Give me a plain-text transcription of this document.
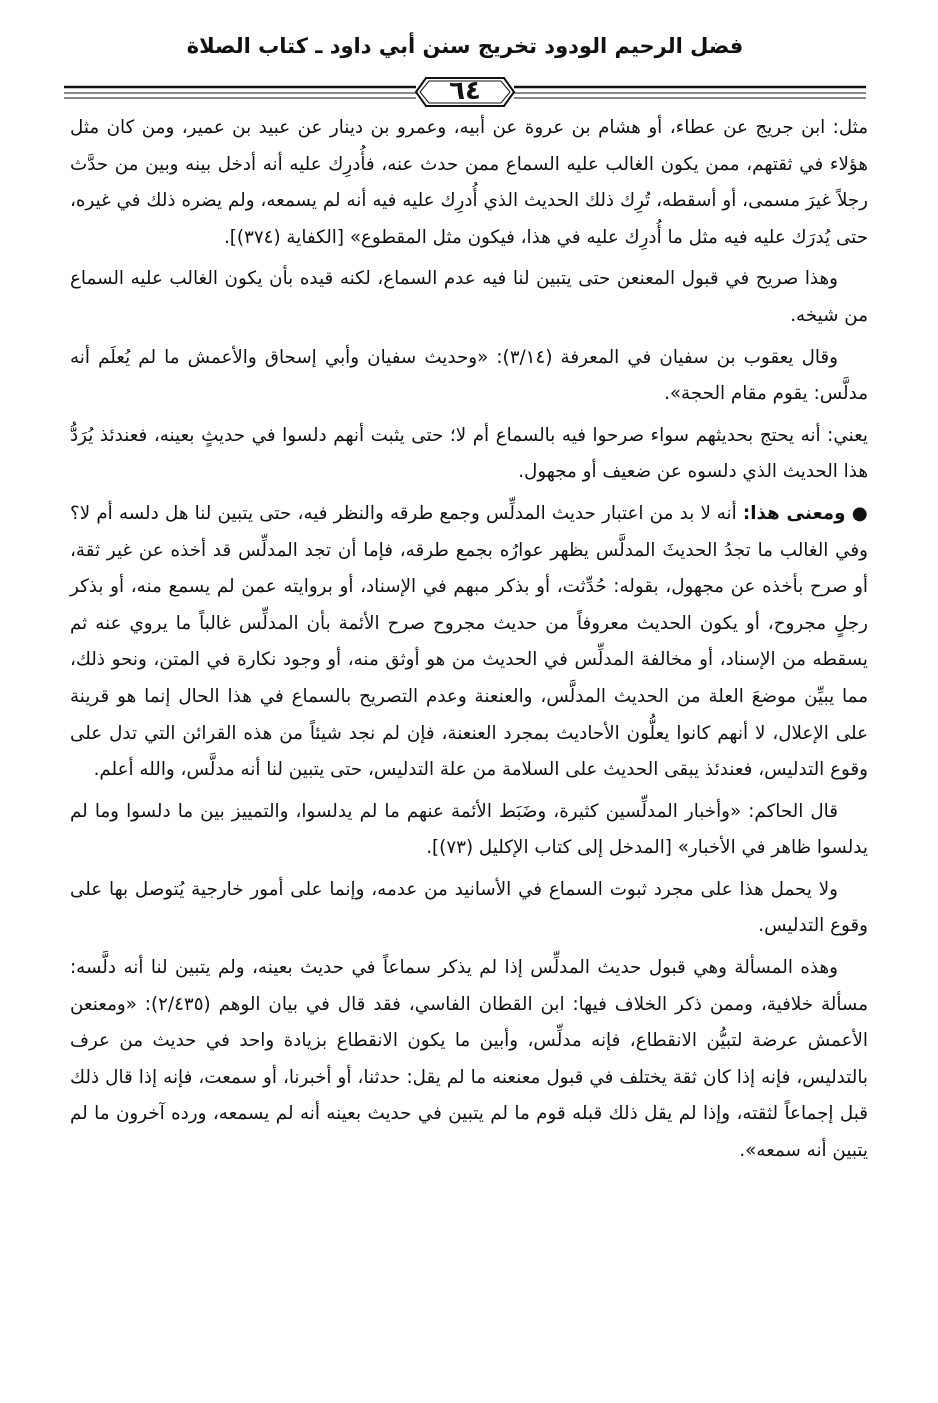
فضل الرحيم الودود تخريج سنن أبي داود ـ كتاب الصلاة
٦٤

مثل: ابن جريج عن عطاء، أو هشام بن عروة عن أبيه، وعمرو بن دينار عن عبيد بن عمير، ومن كان مثل هؤلاء في ثقتهم، ممن يكون الغالب عليه السماع ممن حدث عنه، فأُدرِك عليه أنه أدخل بينه وبين من حدَّث رجلاً غيرَ مسمى، أو أسقطه، تُرِك ذلك الحديث الذي أُدرِك عليه فيه أنه لم يسمعه، ولم يضره ذلك في غيره، حتى يُدرَك عليه فيه مثل ما أُدرِك عليه في هذا، فيكون مثل المقطوع» [الكفاية (٣٧٤)].

وهذا صريح في قبول المعنعن حتى يتبين لنا فيه عدم السماع، لكنه قيده بأن يكون الغالب عليه السماع من شيخه.

وقال يعقوب بن سفيان في المعرفة (٣/١٤): «وحديث سفيان وأبي إسحاق والأعمش ما لم يُعلَم أنه مدلَّس: يقوم مقام الحجة».

يعني: أنه يحتج بحديثهم سواء صرحوا فيه بالسماع أم لا؛ حتى يثبت أنهم دلسوا في حديثٍ بعينه، فعندئذ يُرَدُّ هذا الحديث الذي دلسوه عن ضعيف أو مجهول.

● ومعنى هذا: أنه لا بد من اعتبار حديث المدلِّس وجمع طرقه والنظر فيه، حتى يتبين لنا هل دلسه أم لا؟ وفي الغالب ما تجدُ الحديثَ المدلَّس يظهر عوارُه بجمع طرقه، فإما أن تجد المدلِّس قد أخذه عن غير ثقة، أو صرح بأخذه عن مجهول، بقوله: حُدِّثت، أو بذكر مبهم في الإسناد، أو بروايته عمن لم يسمع منه، أو بذكر رجلٍ مجروح، أو يكون الحديث معروفاً من حديث مجروح صرح الأئمة بأن المدلِّس غالباً ما يروي عنه ثم يسقطه من الإسناد، أو مخالفة المدلِّس في الحديث من هو أوثق منه، أو وجود نكارة في المتن، ونحو ذلك، مما يبيِّن موضعَ العلة من الحديث المدلَّس، والعنعنة وعدم التصريح بالسماع في هذا الحال إنما هو قرينة على الإعلال، لا أنهم كانوا يعلُّون الأحاديث بمجرد العنعنة، فإن لم نجد شيئاً من هذه القرائن التي تدل على وقوع التدليس، فعندئذ يبقى الحديث على السلامة من علة التدليس، حتى يتبين لنا أنه مدلَّس، والله أعلم.

قال الحاكم: «وأخبار المدلِّسين كثيرة، وضَبَط الأئمة عنهم ما لم يدلسوا، والتمييز بين ما دلسوا وما لم يدلسوا ظاهر في الأخبار» [المدخل إلى كتاب الإكليل (٧٣)].

ولا يحمل هذا على مجرد ثبوت السماع في الأسانيد من عدمه، وإنما على أمور خارجية يُتوصل بها على وقوع التدليس.

وهذه المسألة وهي قبول حديث المدلِّس إذا لم يذكر سماعاً في حديث بعينه، ولم يتبين لنا أنه دلَّسه: مسألة خلافية، وممن ذكر الخلاف فيها: ابن القطان الفاسي، فقد قال في بيان الوهم (٢/٤٣٥): «ومعنعن الأعمش عرضة لتبيُّن الانقطاع، فإنه مدلِّس، وأبين ما يكون الانقطاع بزيادة واحد في حديث من عرف بالتدليس، فإنه إذا كان ثقة يختلف في قبول معنعنه ما لم يقل: حدثنا، أو أخبرنا، أو سمعت، فإنه إذا قال ذلك قبل إجماعاً لثقته، وإذا لم يقل ذلك قبله قوم ما لم يتبين في حديث بعينه أنه لم يسمعه، ورده آخرون ما لم يتبين أنه سمعه».
